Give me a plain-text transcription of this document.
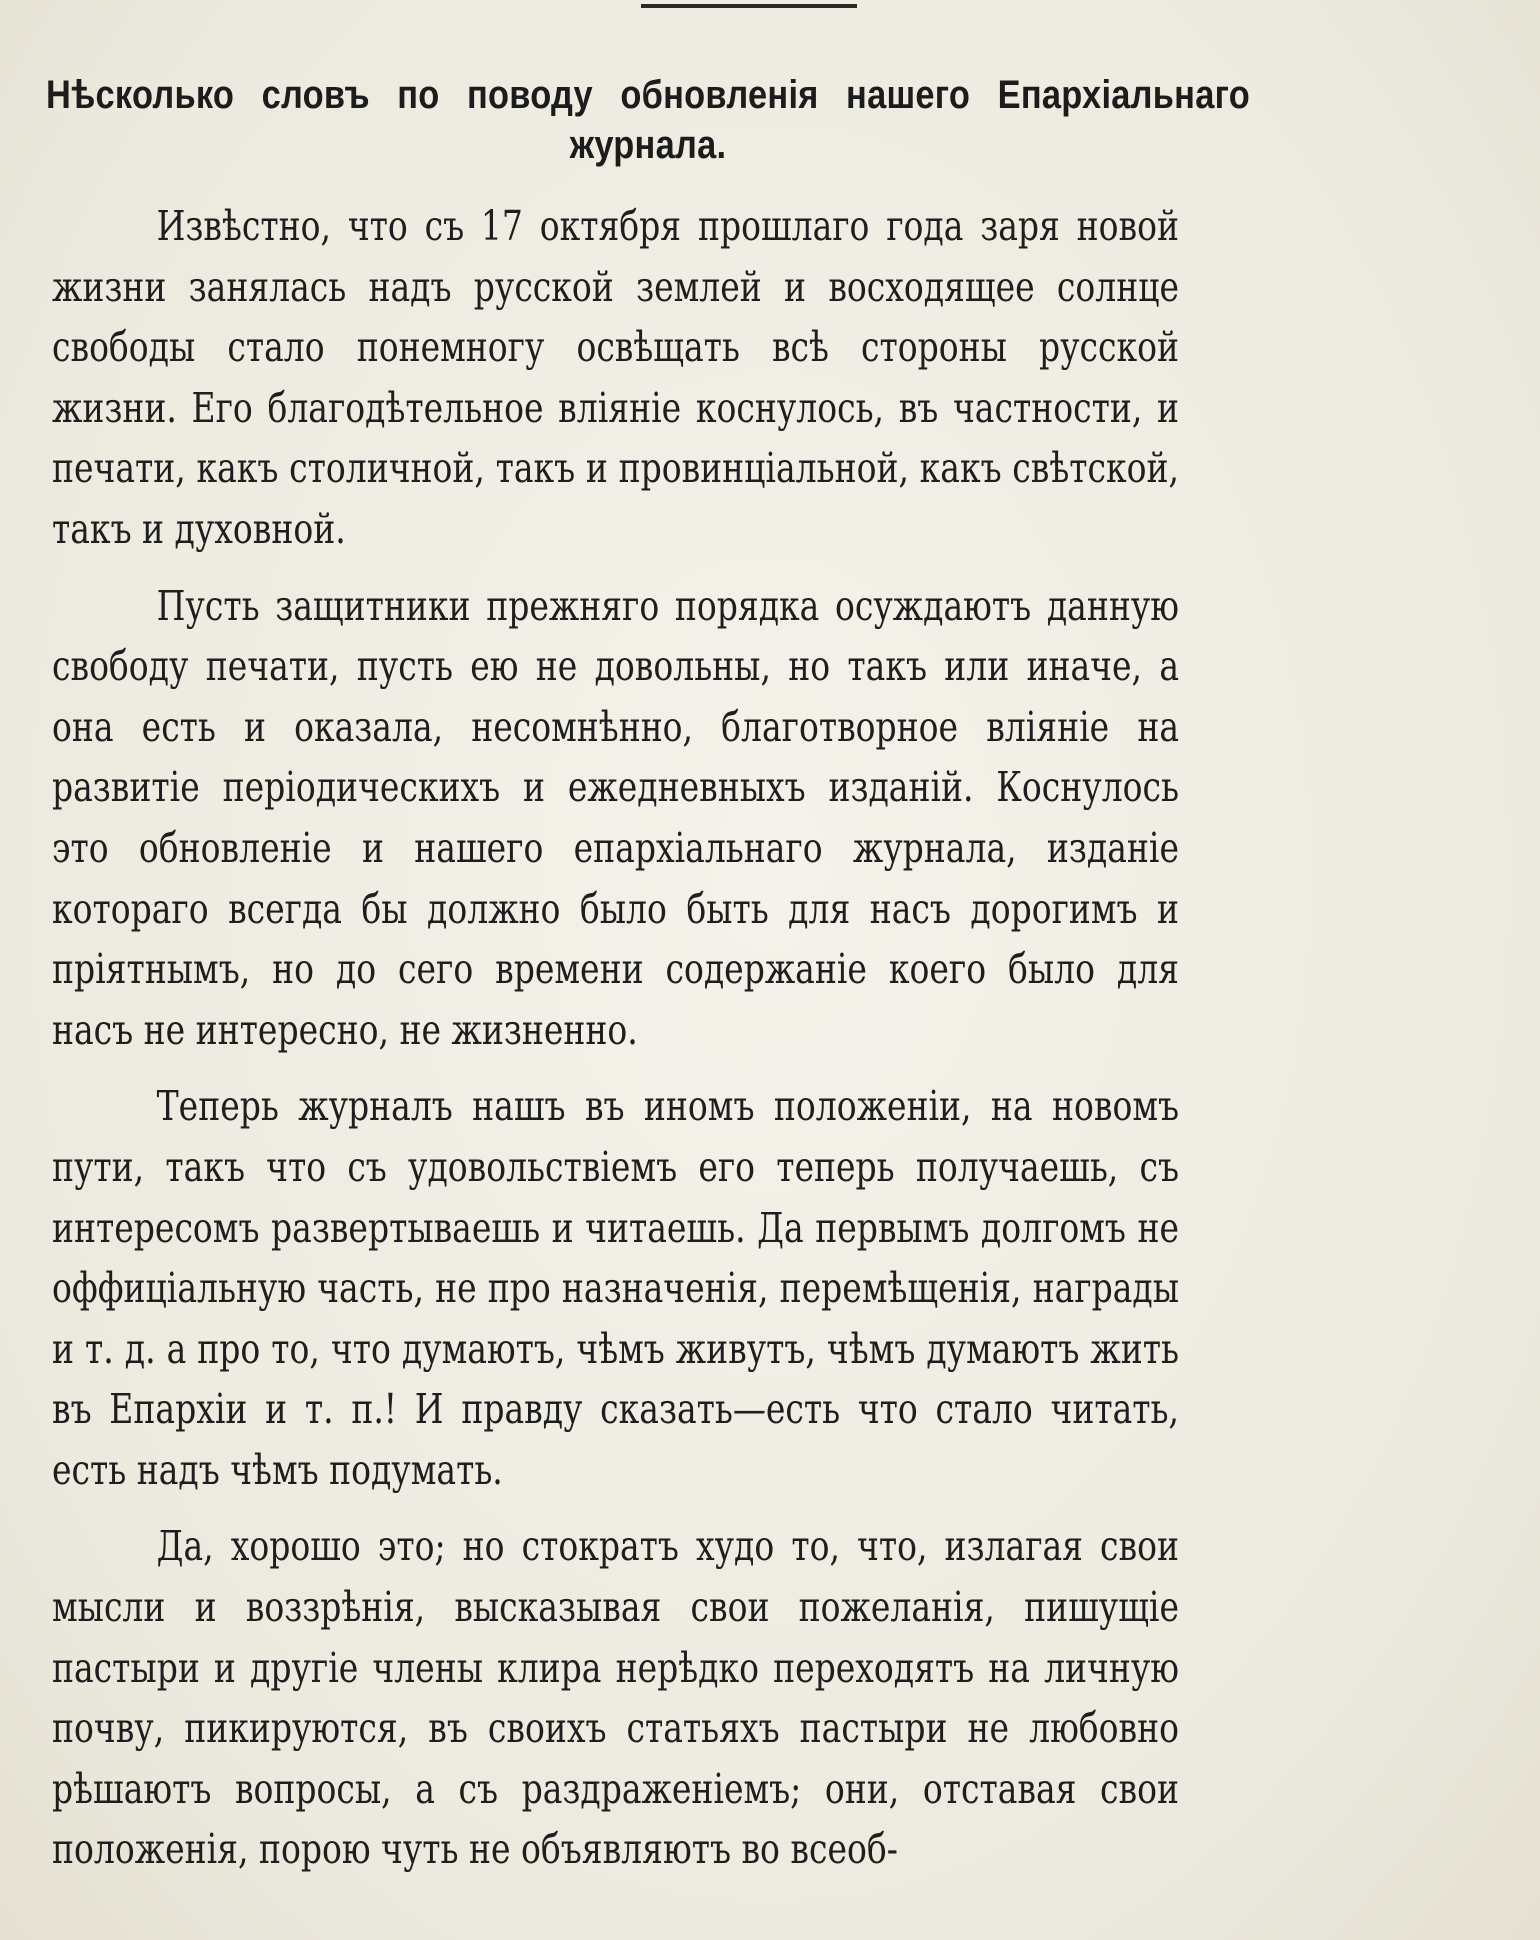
Нѣсколько словъ по поводу обновленія нашего Епархіальнаго журнала.

Извѣстно, что съ 17 октября прошлаго года заря новой жизни занялась надъ русской землей и восходящее солнце свободы стало понемногу освѣщать всѣ стороны русской жизни. Его благодѣтельное вліяніе коснулось, въ частности, и печати, какъ столичной, такъ и провинціальной, какъ свѣтской, такъ и духовной.

Пусть защитники прежняго порядка осуждаютъ данную свободу печати, пусть ею не довольны, но такъ или иначе, а она есть и оказала, несомнѣнно, благотворное вліяніе на развитіе періодическихъ и ежедневныхъ изданій. Коснулось это обновленіе и нашего епархіальнаго журнала, изданіе котораго всегда бы должно было быть для насъ дорогимъ и пріятнымъ, но до сего времени содержаніе коего было для насъ не интересно, не жизненно.

Теперь журналъ нашъ въ иномъ положеніи, на новомъ пути, такъ что съ удовольствіемъ его теперь получаешь, съ интересомъ развертываешь и читаешь. Да первымъ долгомъ не оффиціальную часть, не про назначенія, перемѣщенія, награды и т. д. а про то, что думаютъ, чѣмъ живутъ, чѣмъ думаютъ жить въ Епархіи и т. п.! И правду сказать—есть что стало читать, есть надъ чѣмъ подумать.

Да, хорошо это; но стократъ худо то, что, излагая свои мысли и воззрѣнія, высказывая свои пожеланія, пишущіе пастыри и другіе члены клира нерѣдко переходятъ на личную почву, пикируются, въ своихъ статьяхъ пастыри не любовно рѣшаютъ вопросы, а съ раздраженіемъ; они, отставая свои положенія, порою чуть не объявляютъ во всеоб-
